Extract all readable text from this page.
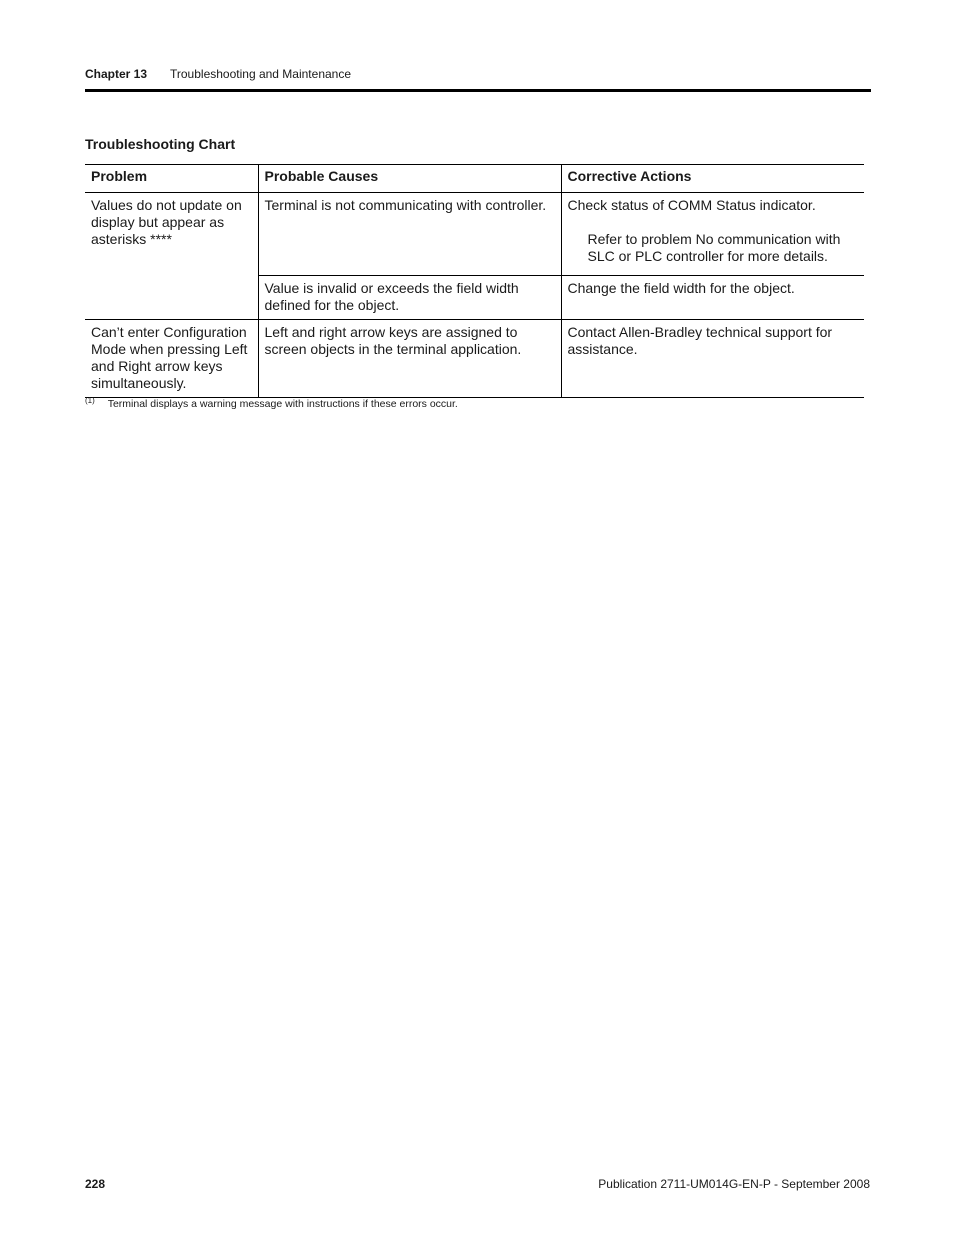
Chapter 13 Troubleshooting and Maintenance
Troubleshooting Chart
Problem	Probable Causes	Corrective Actions
Values do not update on display but appear as asterisks ****	Terminal is not communicating with controller.	Check status of COMM Status indicator.
Refer to problem No communication with SLC or PLC controller for more details.

	Value is invalid or exceeds the field width defined for the object.	Change the field width for the object.
Can’t enter Configuration Mode when pressing Left and Right arrow keys simultaneously.	Left and right arrow keys are assigned to screen objects in the terminal application.	Contact Allen-Bradley technical support for assistance.
$^{(1)}$ Terminal displays a warning message with instructions if these errors occur.
228	Publication 2711-UM014G-EN-P - September 2008
